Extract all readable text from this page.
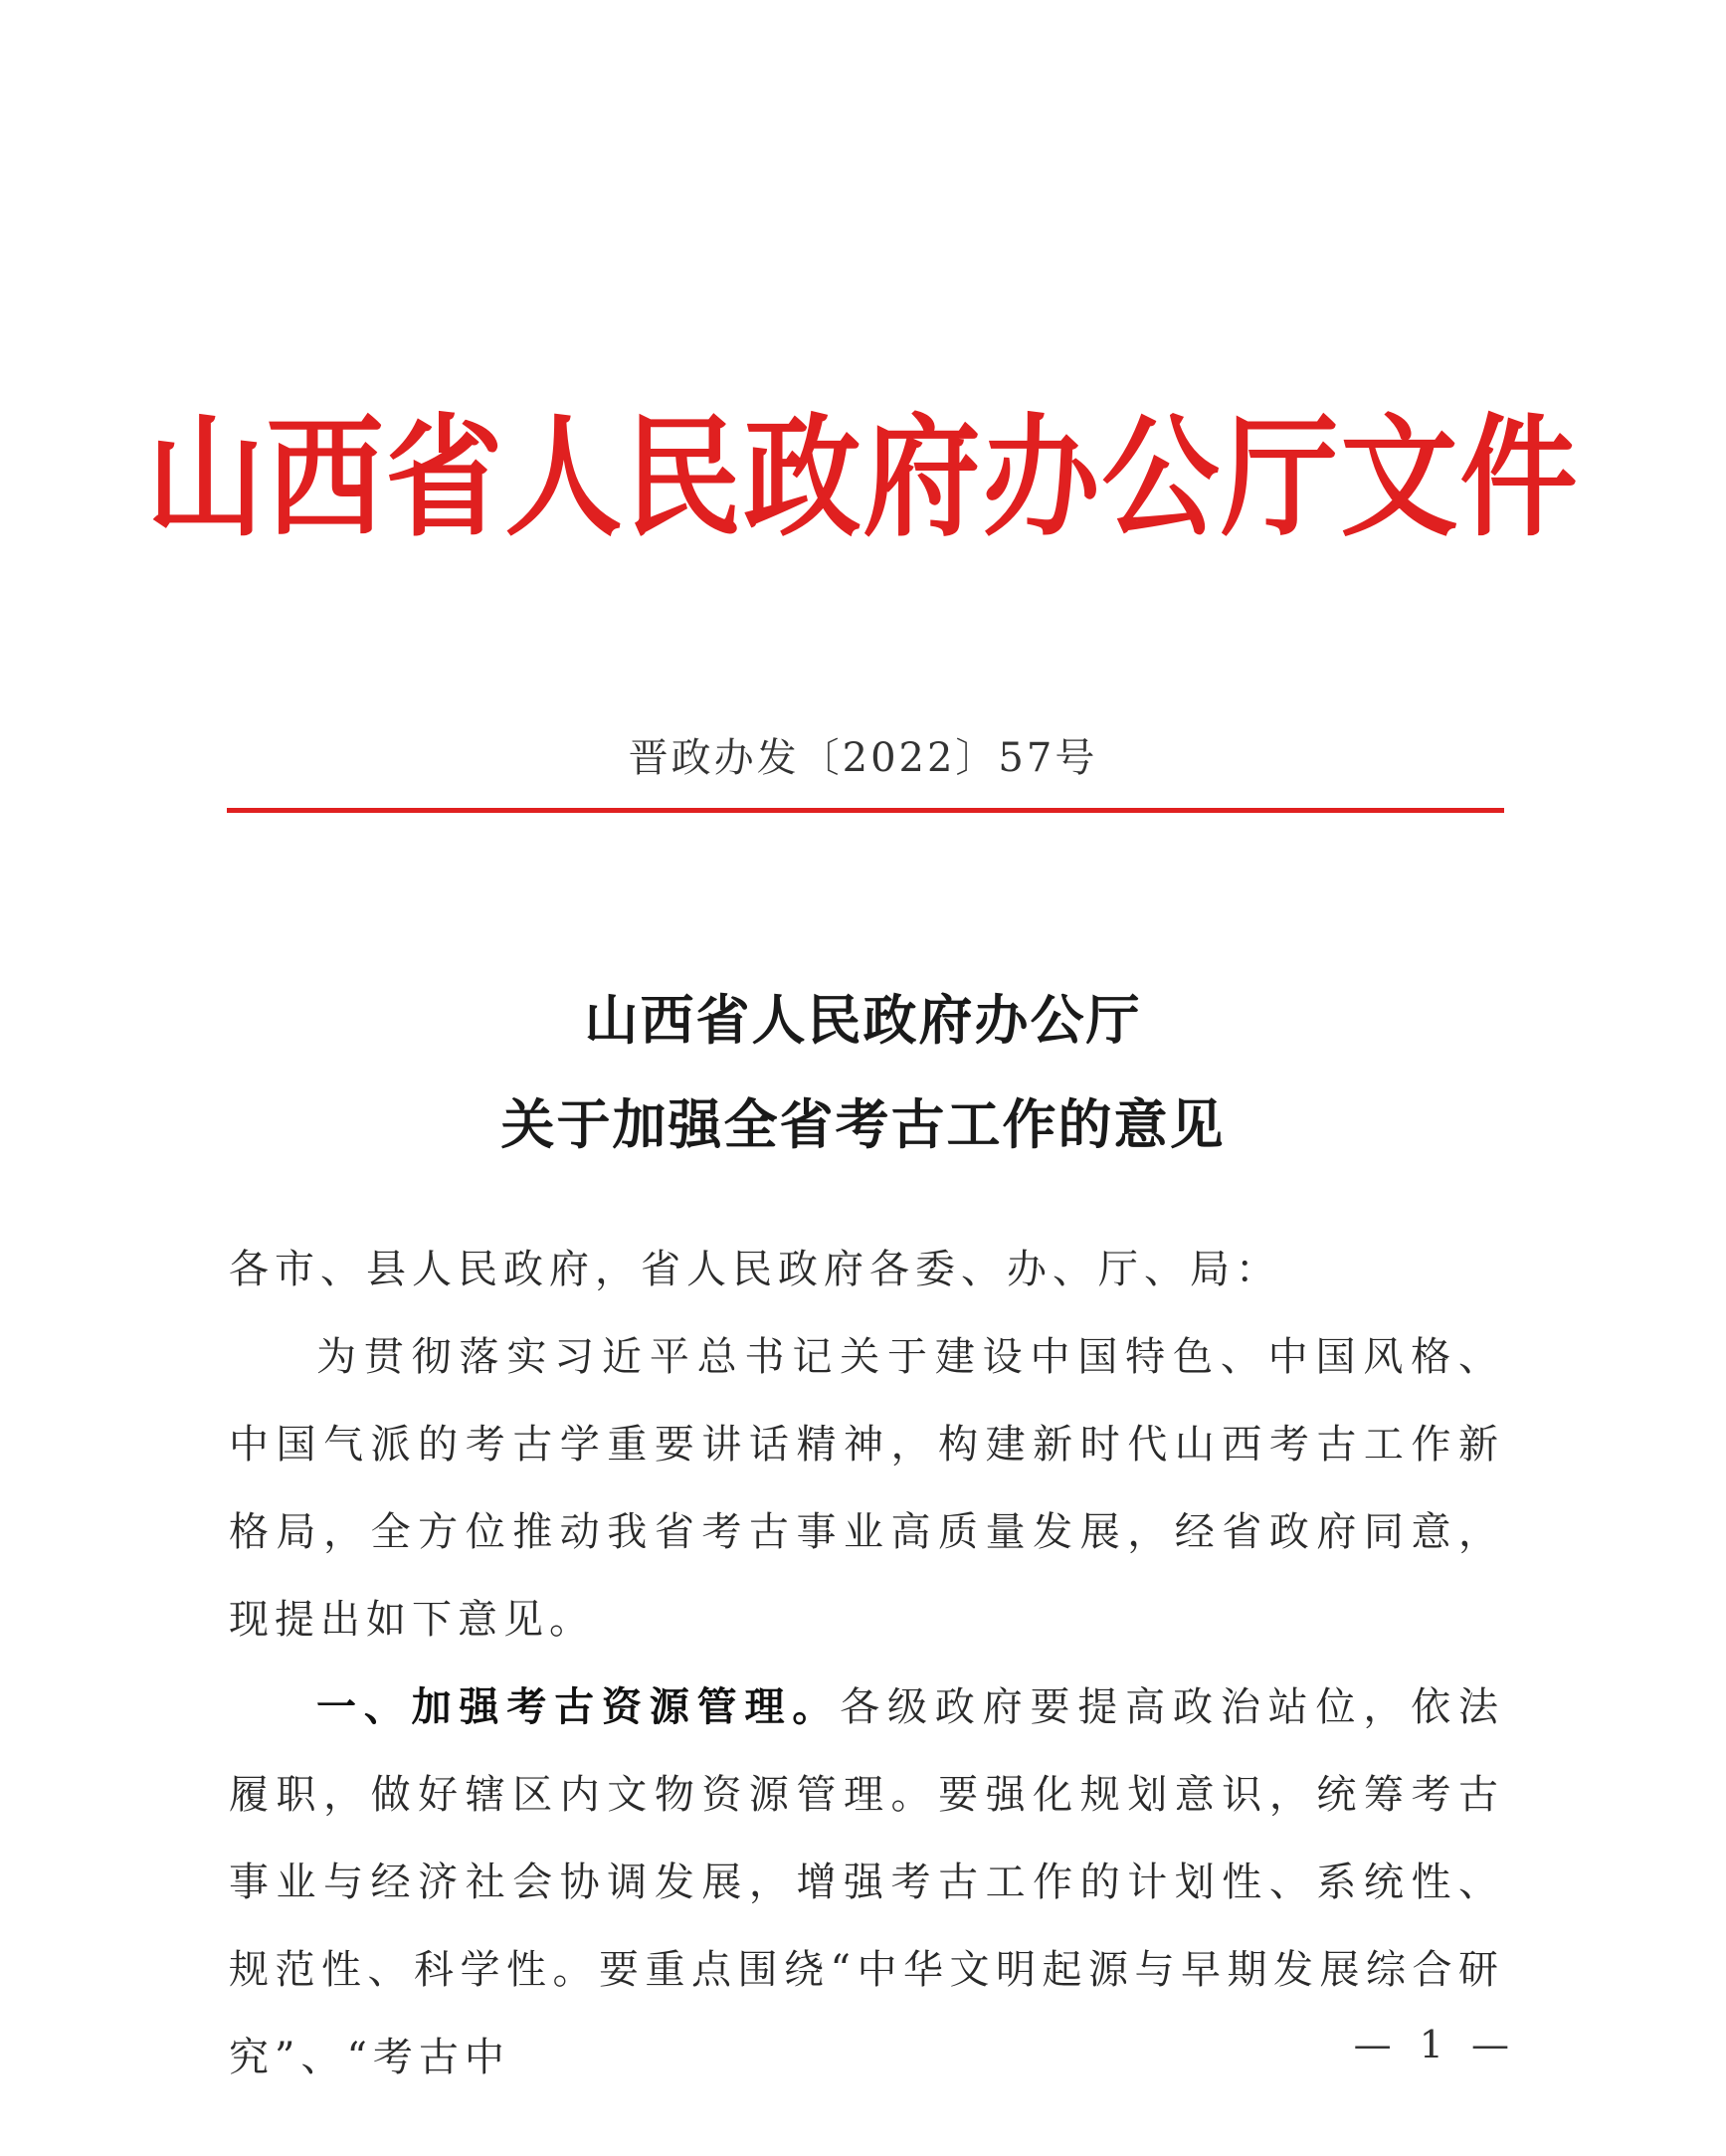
山西省人民政府办公厅文件
晋政办发〔2022〕57号
山西省人民政府办公厅
关于加强全省考古工作的意见

各市、县人民政府，省人民政府各委、办、厅、局：

为贯彻落实习近平总书记关于建设中国特色、中国风格、中国气派的考古学重要讲话精神，构建新时代山西考古工作新格局，全方位推动我省考古事业高质量发展，经省政府同意，现提出如下意见。

一、加强考古资源管理。各级政府要提高政治站位，依法履职，做好辖区内文物资源管理。要强化规划意识，统筹考古事业与经济社会协调发展，增强考古工作的计划性、系统性、规范性、科学性。要重点围绕“中华文明起源与早期发展综合研究”、“考古中	— 1 —
